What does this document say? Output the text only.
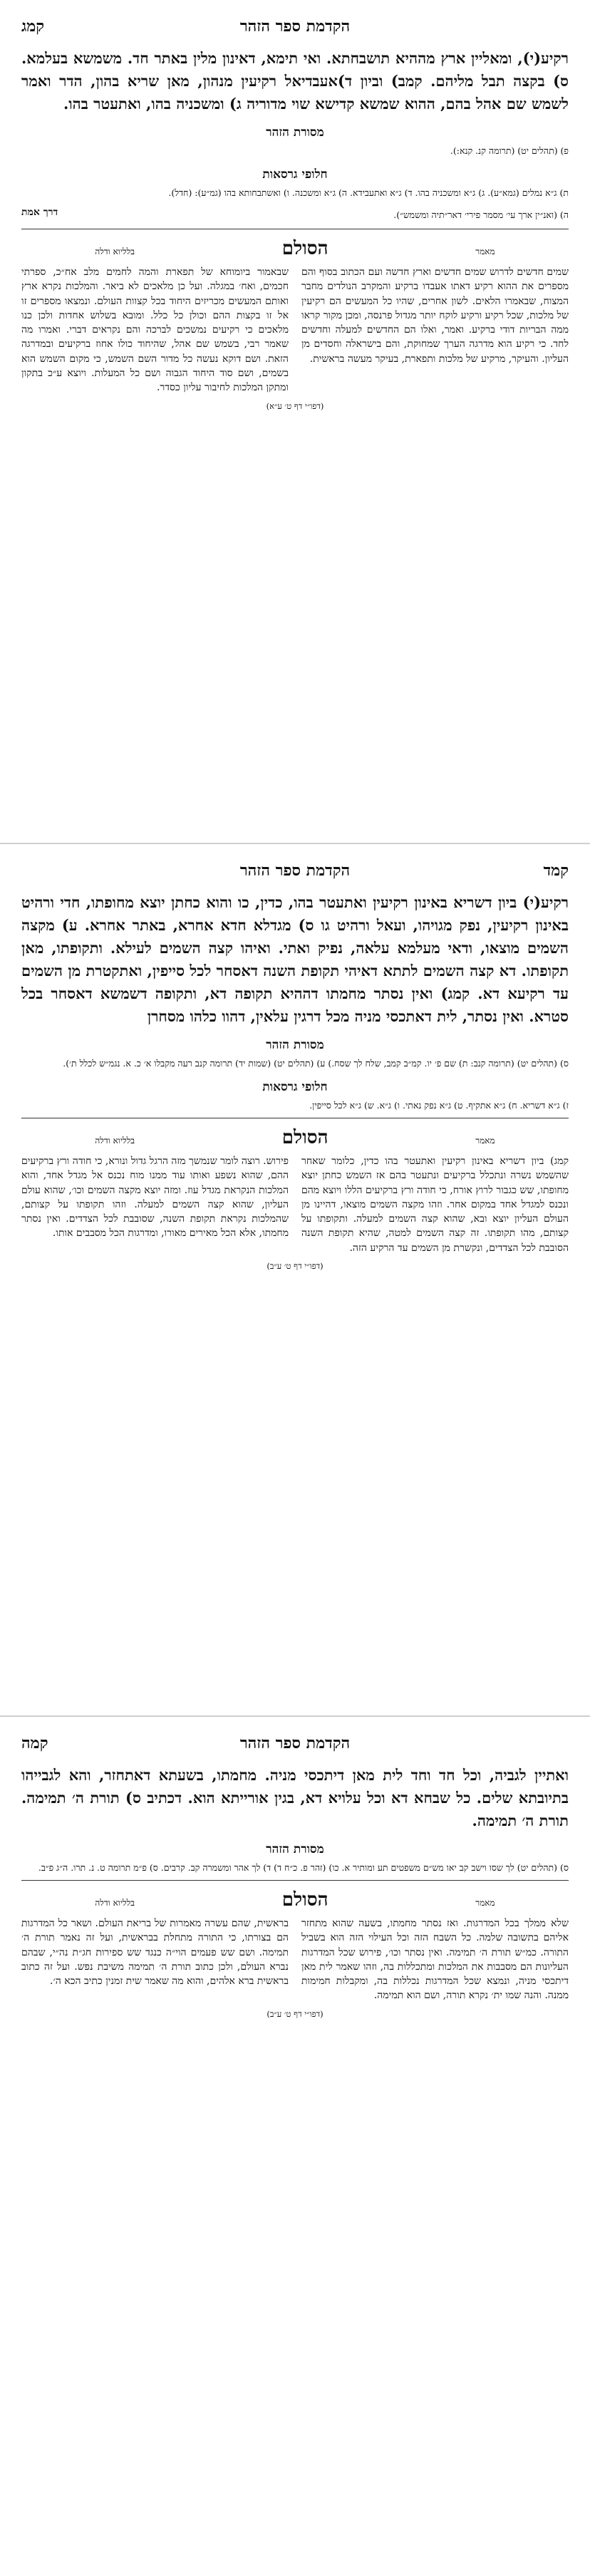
הקדמת ספר הזהר
קמג
רקיע(י), ומאליין ארץ מההיא תושבחתא. ואי תימא, דאינון מלין באתר חד. משמשא בעלמא. ס) בקצה תבל מליהם. קמב) וביון ד)אעבדיאל רקיעין מנהון, מאן שריא בהון, הדר ואמר לשמש שם אהל בהם, ההוא שמשא קדישא שוי מדוריה ג) ומשכניה בהו, ואתעטר בהו.
מסורת הזהר
פ) (תהלים יט) (תרומה קנ. קנא:).
חלופי גרסאות
ת) ג״א נמלים (גמא״ע). ג) ג״א ומשכניה בהו. ד) ג״א ואתעבידא. ה) ג״א ומשכנה. ו) ואשתבחותא בהו (גמ״ע): (חדל).
ה) (ואנ״ין ארך עי׳ מסמר פירי׳ דאר״תיה ומשמש״).
דרך אמת
מאמר
הסולם
בלליוא ודלה
שמים חדשים לדרוש שמים חדשים וארץ חדשה ועם הכתוב בסוף והם מספרים את ההוא רקיע דאתו אעבדו ברקיע והמקרב הנולדים מחבר המצוח, שבאמרו הלאים. לשון אחרים, שהיו כל המעשים הם רקיעין של מלכות, שכל רקיע ורקיע לוקח יותר מגדול פרנסה, ומכן מקור קראו ממה הבריות דודי ברקיע. ואמר, ואלו הם החדשים למעלה וחדשים לחד. כי רקיע הוא מדרגה הערך שמחוקת, והם בישראלה וחסדים מן העליון. והעיקר, מרקיע של מלכות ותפארת, בעיקר מעשה בראשית.
שבאמור ביומוחא של תפארת והמה לחמים מלב אח״כ, ספרתי חכמים, ואח׳ במגלה. ועל כן מלאכים לא ביאר. והמלכות נקרא ארץ ואותם המעשים מכריזים היחוד בכל קצוות העולם. ונמצאו מספרים זו אל זו בקצות ההם וכולן כל כלל. ומובא בשלוש אחדות ולכן כנו מלאכים כי רקיעים נמשכים לברכה והם נקראים דברי. ואמרו מה שאמר רבי, בשמש שם אהל, שהיחוד כולו אחוז ברקיעים ובמדרגה הזאת. ושם דוקא נעשה כל מדור השם השמש, כי מקום השמש הוא בשמים, ושם סוד היחוד הגבוה ושם כל המעלות. ויוצא ע״כ בתקון ומתקן המלכות לחיבור עליון כסדר.
(דפו״י דף ט׳ ע״א)
הקדמת ספר הזהר	קמד
רקיע(י) ביון דשריא באינון רקיעין ואתעטר בהו, כדין, כו והוא כחתן יוצא מחופתו, חדי ורהיט באינון רקיעין, נפק מגויהו, ועאל ורהיט גו ס) מגדלא חדא אחרא, באתר אחרא. ע) מקצה השמים מוצאו, ודאי מעלמא עלאה, נפיק ואתי. ואיהו קצה השמים לעילא. ותקופתו, מאן תקופתו. דא קצה השמים לתתא דאיהי תקופת השנה דאסחר לכל סייפין, ואתקטרת מן השמים עד רקיעא דא. קמג) ואין נסתר מחמתו דההיא תקופה דא, ותקופה דשמשא דאסחר בכל סטרא. ואין נסתר, לית דאתכסי מניה מכל דרגין עלאין, דהוו כלהו מסחרן
מסורת הזהר
ס) (תהלים יט) (תרומה קנב: ת) שם פ׳ יו. קמ״ב קמב, שלח לך שסח.) ע) (תהלים יט) (שמות יד) תרומה קנב רעה מקבלו א׳ כ. א. נגמ״ש לכלל ת׳).
חלופי גרסאות
ז) ג״א דשריא. ח) ג״א אתקיף. ט) ג״א נפק נאתי. ו) ג״א. ש) ג״א לכל סייפין.
מאמר
הסולם
בלליוא ודלה
קמג) ביון דשריא באינון רקיעין ואתעטר בהו כדין, כלומר שאחר שהשמש נשרה ונתכלל ברקיעים ונתעטר בהם אז השמש כחתן יוצא מחופתו, שש כגבור לרוץ אורח, כי חודה ורץ ברקיעים הללו ויוצא מהם ונכנס למגדל אחד במקום אחר. וזהו מקצה השמים מוצאו, דהיינו מן העולם העליון יוצא ובא, שהוא קצה השמים למעלה. ותקופתו על קצותם, מהו תקופתו. זה קצה השמים למטה, שהיא תקופת השנה הסובבת לכל הצדדים, ונקשרת מן השמים עד הרקיע הזה.
פירוש. רוצה לומר שנמשך מזה הרגל גדול ונורא, כי חודה ורץ ברקיעים ההם, שהוא נשפע ואותו עוד ממנו מוח נכנס אל מגדל אחד, והוא המלכות הנקראת מגדל עוז. ומזה יוצא מקצה השמים וכו׳, שהוא עולם העליון, שהוא קצה השמים למעלה. וזהו תקופתו על קצותם, שהמלכות נקראת תקופת השנה, שסובבת לכל הצדדים. ואין נסתר מחמתו, אלא הכל מאירים מאורו, ומדרגות הכל מסבבים אותו.
(דפו״י דף ט׳ ע״ב)
הקדמת ספר הזהר
קמה
ואתיין לגביה, וכל חד וחד לית מאן דיתכסי מניה. מחמתו, בשעתא דאתחזר, והא לגבייהו בתיובתא שלים. כל שבחא דא וכל עלויא דא, בגין אורייתא הוא. דכתיב ס) תורת ה׳ תמימה. תורת ה׳ תמימה.
מסורת הזהר
ס) (תהלים יט) לך שסו וישב קב יאו מש״ם משפטים תע ומותיר א. כו) (זהר פ. כ״ח ד) ד) לך אהר ומשמרה קב. קרבים. ס) פ״מ תרומה ט. נ. תרו. ה״ג פ״ב.
מאמר
הסולם
בלליוא ודלה
שלא ממלך בכל המדרגות. ואז נסתר מחמתו, בשעה שהוא מתחזר אליהם בתשובה שלמה. כל השבח הזה וכל העילוי הזה הוא בשביל התורה. כמ״ש תורת ה׳ תמימה. ואין נסתר וכו׳, פירוש שכל המדרגות העליונות הם מסבבות את המלכות ומתכללות בה, וזהו שאמר לית מאן דיתכסי מניה, ונמצא שכל המדרגות נכללות בה, ומקבלות חמימות ממנה. והנה שמו ית׳ נקרא תורה, ושם הוא תמימה.
בראשית, שהם עשרה מאמרות של בריאת העולם. ושאר כל המדרגות הם בצורתו, כי התורה מתחלת בבראשית, ועל זה נאמר תורת ה׳ תמימה. ושם שש פעמים הוי״ה כנגד שש ספירות חג״ת נה״י, שבהם נברא העולם, ולכן כתוב תורת ה׳ תמימה משיבת נפש. ועל זה כתוב בראשית ברא אלהים, והוא מה שאמר שית זמנין כתיב הכא ה׳.
(דפו״י דף ט׳ ע״ב)
